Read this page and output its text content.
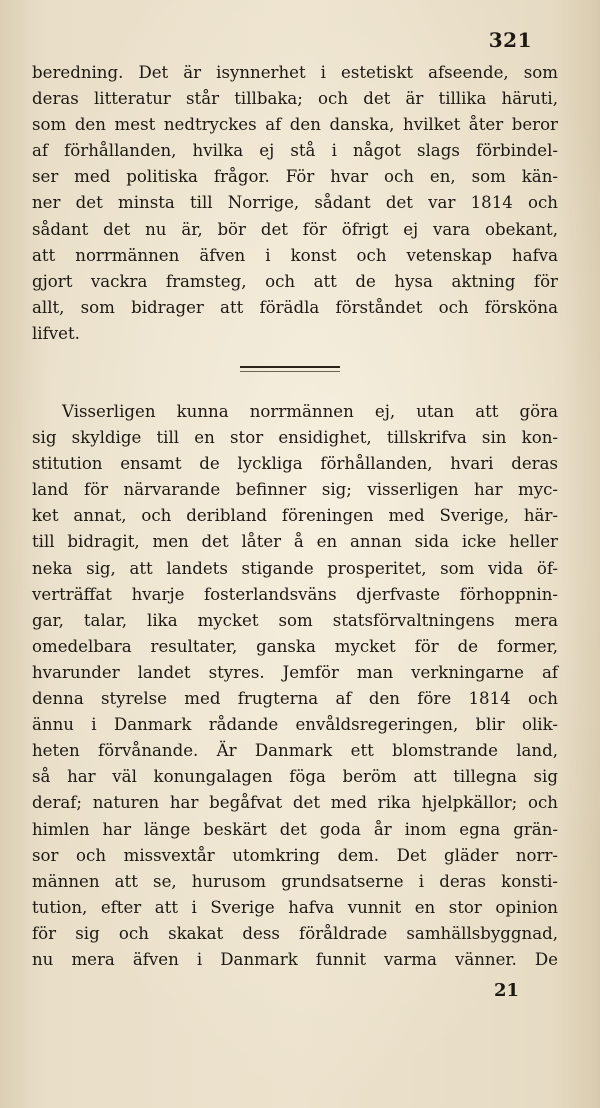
321
beredning. Det är isynnerhet i estetiskt afseende, som
deras litteratur står tillbaka; och det är tillika häruti,
som den mest nedtryckes af den danska, hvilket åter beror
af förhållanden, hvilka ej stå i något slags förbindel-
ser med politiska frågor. För hvar och en, som kän-
ner det minsta till Norrige, sådant det var 1814 och
sådant det nu är, bör det för öfrigt ej vara obekant,
att norrmännen äfven i konst och vetenskap hafva
gjort vackra framsteg, och att de hysa aktning för
allt, som bidrager att förädla förståndet och försköna
lifvet.
Visserligen kunna norrmännen ej, utan att göra
sig skyldige till en stor ensidighet, tillskrifva sin kon-
stitution ensamt de lyckliga förhållanden, hvari deras
land för närvarande befinner sig; visserligen har myc-
ket annat, och deribland föreningen med Sverige, här-
till bidragit, men det låter å en annan sida icke heller
neka sig, att landets stigande prosperitet, som vida öf-
verträffat hvarje fosterlandsväns djerfvaste förhoppnin-
gar, talar, lika mycket som statsförvaltningens mera
omedelbara resultater, ganska mycket för de former,
hvarunder landet styres. Jemför man verkningarne af
denna styrelse med frugterna af den före 1814 och
ännu i Danmark rådande envåldsregeringen, blir olik-
heten förvånande. Är Danmark ett blomstrande land,
så har väl konungalagen föga beröm att tillegna sig
deraf; naturen har begåfvat det med rika hjelpkällor; och
himlen har länge beskärt det goda år inom egna grän-
sor och missvextår utomkring dem. Det gläder norr-
männen att se, hurusom grundsatserne i deras konsti-
tution, efter att i Sverige hafva vunnit en stor opinion
för sig och skakat dess föråldrade samhällsbyggnad,
nu mera äfven i Danmark funnit varma vänner. De
21
